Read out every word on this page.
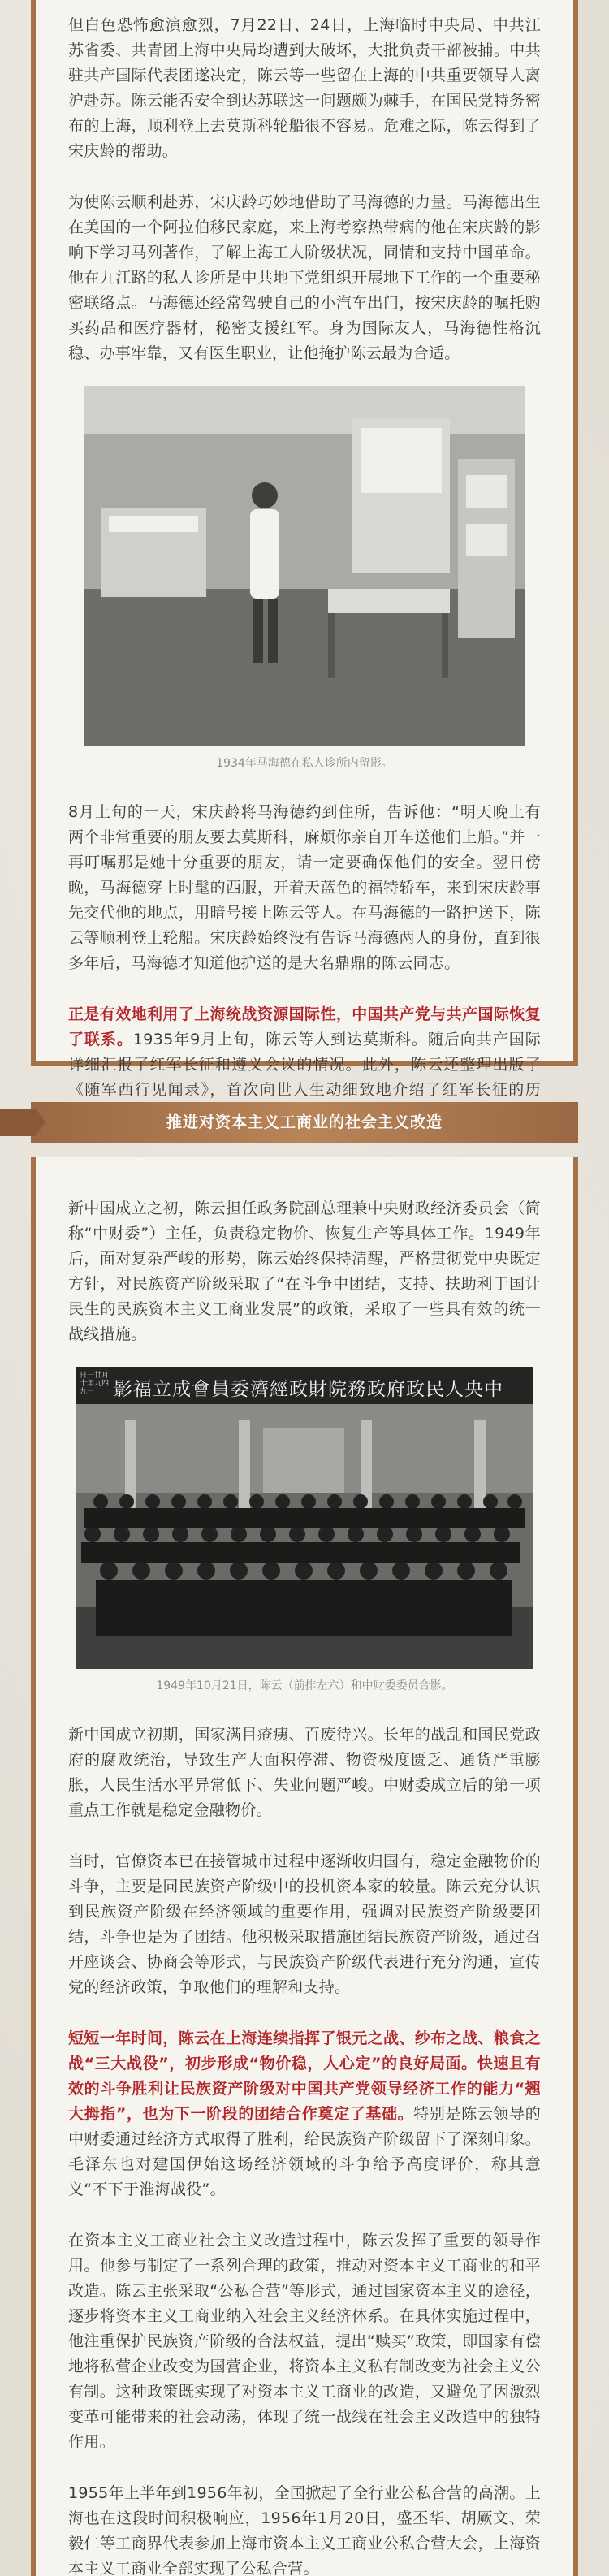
但白色恐怖愈演愈烈，7月22日、24日，上海临时中央局、中共江苏省委、共青团上海中央局均遭到大破坏，大批负责干部被捕。中共驻共产国际代表团遂决定，陈云等一些留在上海的中共重要领导人离沪赴苏。陈云能否安全到达苏联这一问题颇为棘手，在国民党特务密布的上海，顺利登上去莫斯科轮船很不容易。危难之际，陈云得到了宋庆龄的帮助。

为使陈云顺利赴苏，宋庆龄巧妙地借助了马海德的力量。马海德出生在美国的一个阿拉伯移民家庭，来上海考察热带病的他在宋庆龄的影响下学习马列著作，了解上海工人阶级状况，同情和支持中国革命。他在九江路的私人诊所是中共地下党组织开展地下工作的一个重要秘密联络点。马海德还经常驾驶自己的小汽车出门，按宋庆龄的嘱托购买药品和医疗器材，秘密支援红军。身为国际友人，马海德性格沉稳、办事牢靠，又有医生职业，让他掩护陈云最为合适。

1934年马海德在私人诊所内留影。

8月上旬的一天，宋庆龄将马海德约到住所，告诉他：“明天晚上有两个非常重要的朋友要去莫斯科，麻烦你亲自开车送他们上船。”并一再叮嘱那是她十分重要的朋友，请一定要确保他们的安全。翌日傍晚，马海德穿上时髦的西服，开着天蓝色的福特轿车，来到宋庆龄事先交代他的地点，用暗号接上陈云等人。在马海德的一路护送下，陈云等顺利登上轮船。宋庆龄始终没有告诉马海德两人的身份，直到很多年后，马海德才知道他护送的是大名鼎鼎的陈云同志。

正是有效地利用了上海统战资源国际性，中国共产党与共产国际恢复了联系。1935年9月上旬，陈云等人到达莫斯科。随后向共产国际详细汇报了红军长征和遵义会议的情况。此外，陈云还整理出版了《随军西行见闻录》，首次向世人生动细致地介绍了红军长征的历

推进对资本主义工商业的社会主义改造

新中国成立之初，陈云担任政务院副总理兼中央财政经济委员会（简称“中财委”）主任，负责稳定物价、恢复生产等具体工作。1949年后，面对复杂严峻的形势，陈云始终保持清醒，严格贯彻党中央既定方针，对民族资产阶级采取了“在斗争中团结，支持、扶助利于国计民生的民族资本主义工商业发展”的政策，采取了一些具有效的统一战线措施。

日一廿月十年九四九一	影福立成會員委濟經政財院務政府政民人央中
1949年10月21日，陈云（前排左六）和中财委委员合影。

新中国成立初期，国家满目疮痍、百废待兴。长年的战乱和国民党政府的腐败统治，导致生产大面积停滞、物资极度匮乏、通货严重膨胀，人民生活水平异常低下、失业问题严峻。中财委成立后的第一项重点工作就是稳定金融物价。

当时，官僚资本已在接管城市过程中逐渐收归国有，稳定金融物价的斗争，主要是同民族资产阶级中的投机资本家的较量。陈云充分认识到民族资产阶级在经济领域的重要作用，强调对民族资产阶级要团结，斗争也是为了团结。他积极采取措施团结民族资产阶级，通过召开座谈会、协商会等形式，与民族资产阶级代表进行充分沟通，宣传党的经济政策，争取他们的理解和支持。

短短一年时间，陈云在上海连续指挥了银元之战、纱布之战、粮食之战“三大战役”，初步形成“物价稳，人心定”的良好局面。快速且有效的斗争胜利让民族资产阶级对中国共产党领导经济工作的能力“翘大拇指”，也为下一阶段的团结合作奠定了基础。特别是陈云领导的中财委通过经济方式取得了胜利，给民族资产阶级留下了深刻印象。毛泽东也对建国伊始这场经济领域的斗争给予高度评价，称其意义“不下于淮海战役”。

在资本主义工商业社会主义改造过程中，陈云发挥了重要的领导作用。他参与制定了一系列合理的政策，推动对资本主义工商业的和平改造。陈云主张采取“公私合营”等形式，通过国家资本主义的途径，逐步将资本主义工商业纳入社会主义经济体系。在具体实施过程中，他注重保护民族资产阶级的合法权益，提出“赎买”政策，即国家有偿地将私营企业改变为国营企业，将资本主义私有制改变为社会主义公有制。这种政策既实现了对资本主义工商业的改造，又避免了因激烈变革可能带来的社会动荡，体现了统一战线在社会主义改造中的独特作用。

1955年上半年到1956年初，全国掀起了全行业公私合营的高潮。上海也在这段时间积极响应，1956年1月20日，盛丕华、胡厥文、荣毅仁等工商界代表参加上海市资本主义工商业公私合营大会，上海资本主义工商业全部实现了公私合营。
